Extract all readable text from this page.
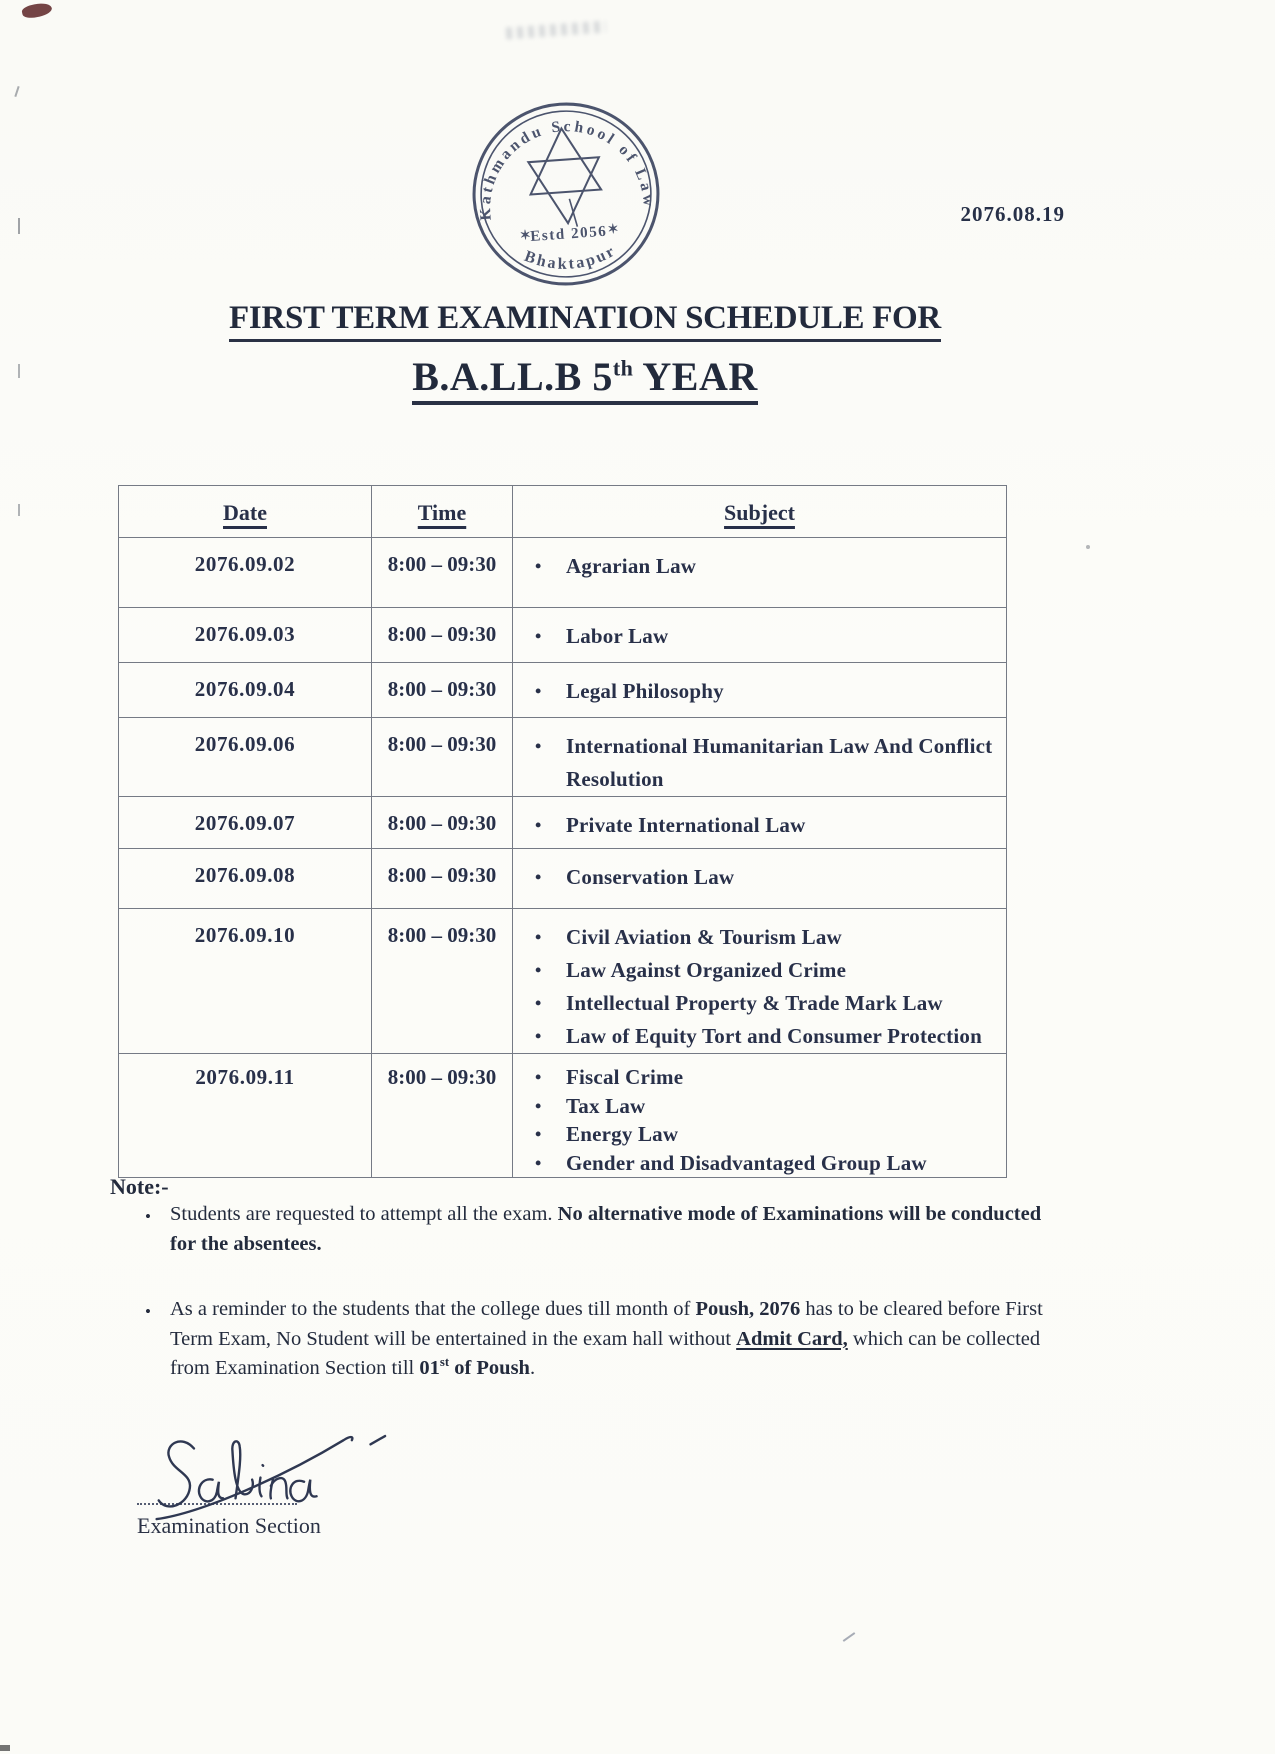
Kathmandu School of Law
✶
Estd 2056 ✶
Bhaktapur
2076.08.19
FIRST TERM EXAMINATION SCHEDULE FOR
B.A.LL.B 5th YEAR
Date	Time	Subject
2076.09.02	8:00 – 09:30	• Agrarian Law

2076.09.03	8:00 – 09:30	• Labor Law

2076.09.04	8:00 – 09:30	• Legal Philosophy

2076.09.06	8:00 – 09:30	• International Humanitarian Law And Conflict Resolution

2076.09.07	8:00 – 09:30	• Private International Law

2076.09.08	8:00 – 09:30	• Conservation Law

2076.09.10	8:00 – 09:30	• Civil Aviation & Tourism Law
• Law Against Organized Crime
• Intellectual Property & Trade Mark Law
• Law of Equity Tort and Consumer Protection

2076.09.11	8:00 – 09:30	• Fiscal Crime
• Tax Law
• Energy Law
• Gender and Disadvantaged Group Law
Note:-
• Students are requested to attempt all the exam. No alternative mode of Examinations will be conducted for the absentees.

• As a reminder to the students that the college dues till month of Poush, 2076 has to be cleared before First Term Exam, No Student will be entertained in the exam hall without Admit Card, which can be collected from Examination Section till 01st of Poush.

Examination Section
